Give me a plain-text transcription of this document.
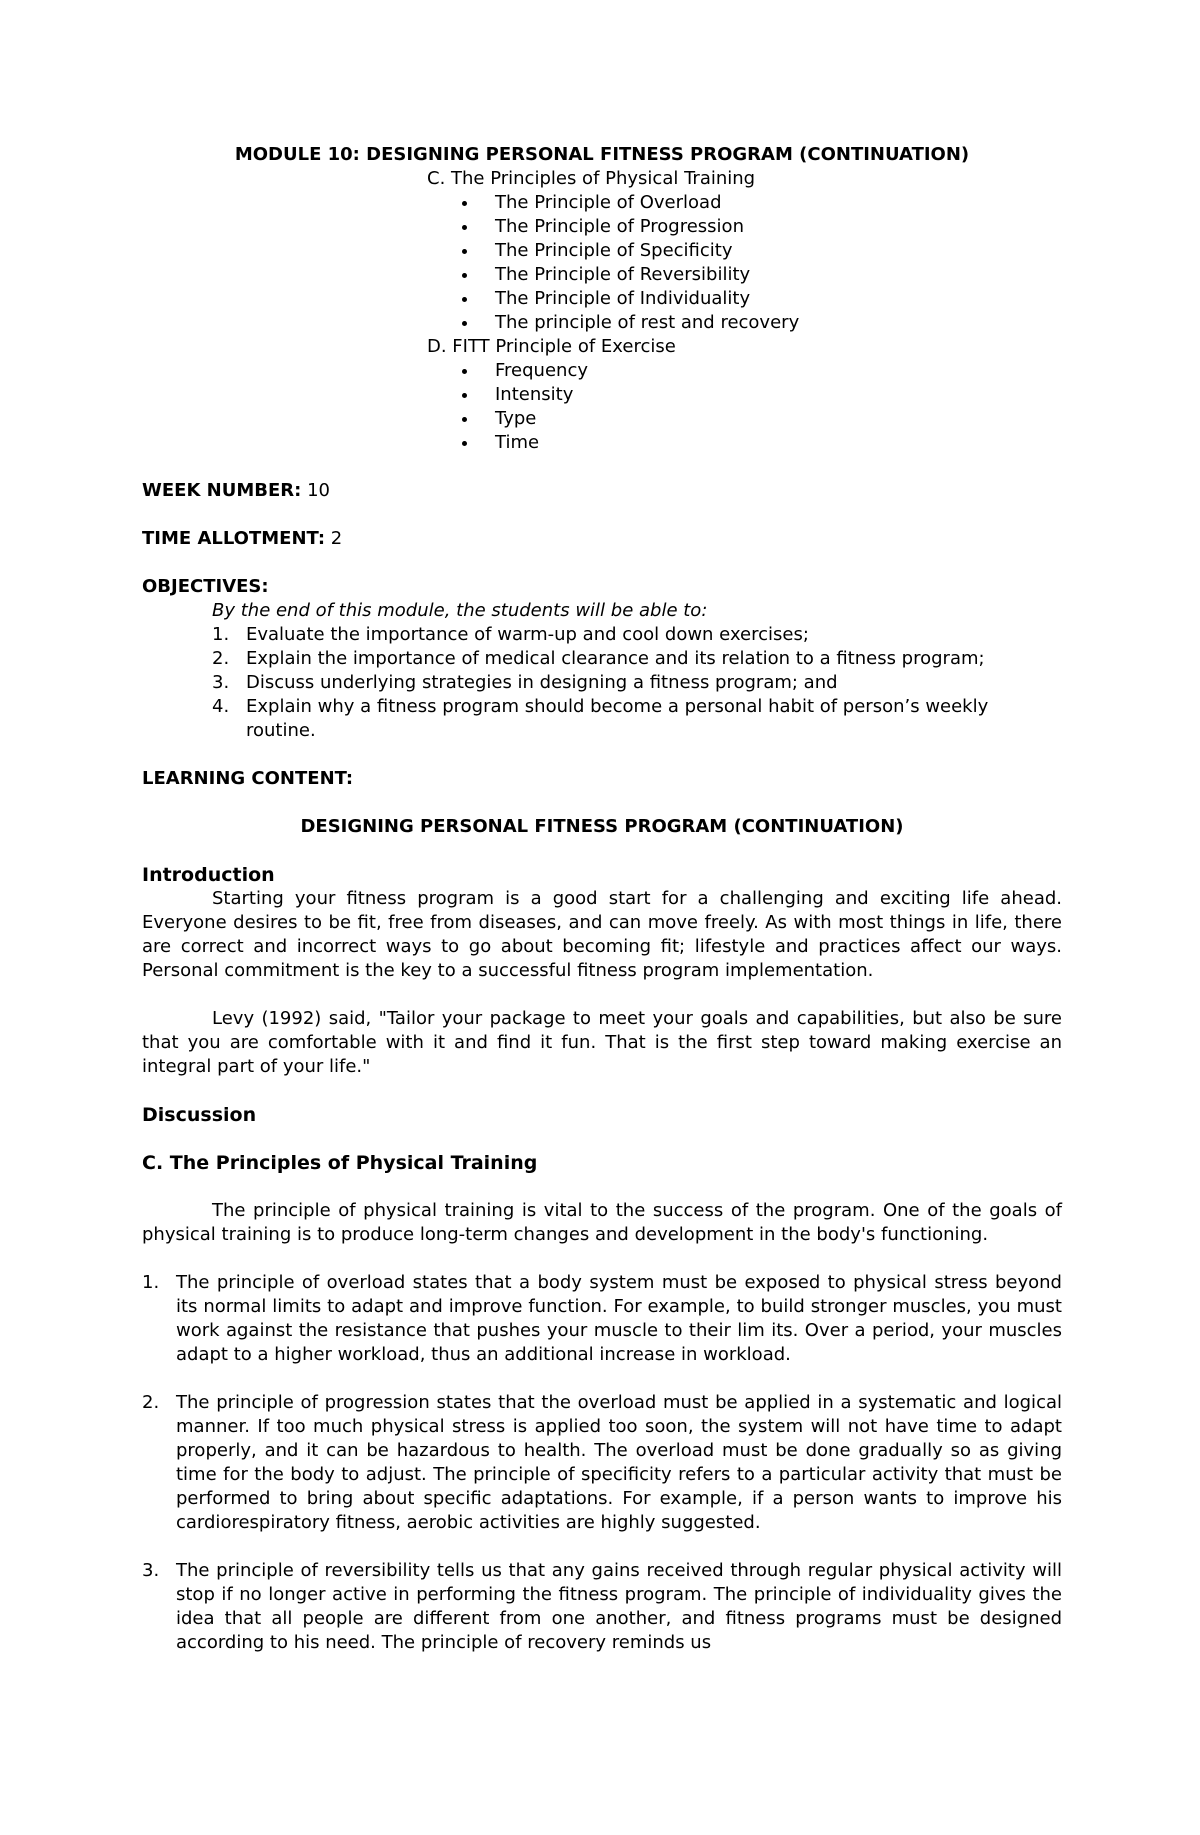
MODULE 10: DESIGNING PERSONAL FITNESS PROGRAM (CONTINUATION)
C. The Principles of Physical Training
The Principle of Overload
The Principle of Progression
The Principle of Specificity
The Principle of Reversibility
The Principle of Individuality
The principle of rest and recovery
D. FITT Principle of Exercise
Frequency
Intensity
Type
Time
WEEK NUMBER: 10
TIME ALLOTMENT: 2
OBJECTIVES:
By the end of this module, the students will be able to:
1. Evaluate the importance of warm-up and cool down exercises;
2. Explain the importance of medical clearance and its relation to a fitness program;
3. Discuss underlying strategies in designing a fitness program; and
4. Explain why a fitness program should become a personal habit of person’s weekly routine.
LEARNING CONTENT:
DESIGNING PERSONAL FITNESS PROGRAM (CONTINUATION)
Introduction
Starting your fitness program is a good start for a challenging and exciting life ahead. Everyone desires to be fit, free from diseases, and can move freely. As with most things in life, there are correct and incorrect ways to go about becoming fit; lifestyle and practices affect our ways. Personal commitment is the key to a successful fitness program implementation.
Levy (1992) said, "Tailor your package to meet your goals and capabilities, but also be sure that you are comfortable with it and find it fun. That is the first step toward making exercise an integral part of your life."
Discussion
C. The Principles of Physical Training
The principle of physical training is vital to the success of the program. One of the goals of physical training is to produce long-term changes and development in the body's functioning.
1. The principle of overload states that a body system must be exposed to physical stress beyond its normal limits to adapt and improve function. For example, to build stronger muscles, you must work against the resistance that pushes your muscle to their lim its. Over a period, your muscles adapt to a higher workload, thus an additional increase in workload.
2. The principle of progression states that the overload must be applied in a systematic and logical manner. If too much physical stress is applied too soon, the system will not have time to adapt properly, and it can be hazardous to health. The overload must be done gradually so as giving time for the body to adjust. The principle of specificity refers to a particular activity that must be performed to bring about specific adaptations. For example, if a person wants to improve his cardiorespiratory fitness, aerobic activities are highly suggested.
3. The principle of reversibility tells us that any gains received through regular physical activity will stop if no longer active in performing the fitness program. The principle of individuality gives the idea that all people are different from one another, and fitness programs must be designed according to his need. The principle of recovery reminds us
